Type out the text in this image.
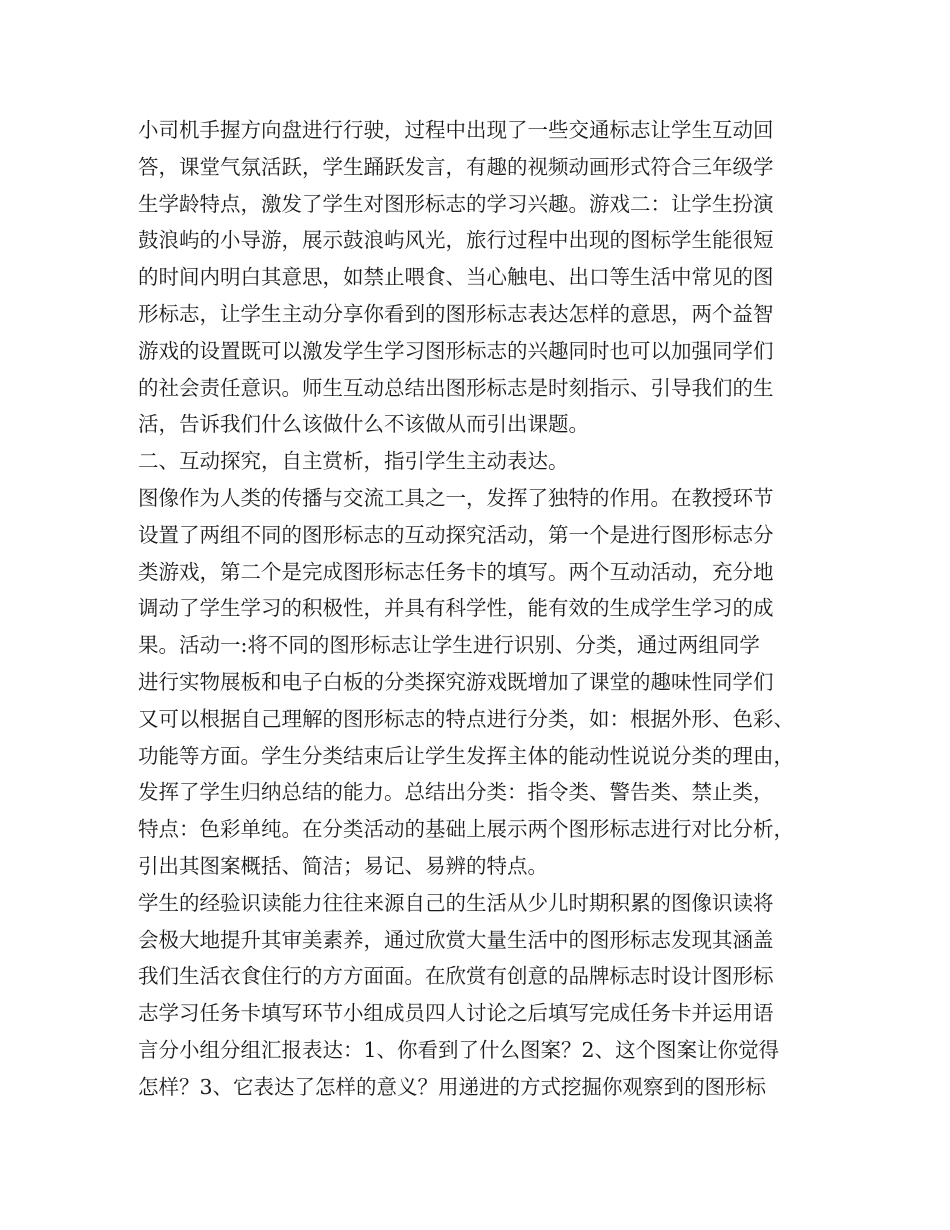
小司机手握方向盘进行行驶，过程中出现了一些交通标志让学生互动回
答，课堂气氛活跃，学生踊跃发言，有趣的视频动画形式符合三年级学
生学龄特点，激发了学生对图形标志的学习兴趣。游戏二：让学生扮演
鼓浪屿的小导游，展示鼓浪屿风光，旅行过程中出现的图标学生能很短
的时间内明白其意思，如禁止喂食、当心触电、出口等生活中常见的图
形标志，让学生主动分享你看到的图形标志表达怎样的意思，两个益智
游戏的设置既可以激发学生学习图形标志的兴趣同时也可以加强同学们
的社会责任意识。师生互动总结出图形标志是时刻指示、引导我们的生
活，告诉我们什么该做什么不该做从而引出课题。
二、互动探究，自主赏析，指引学生主动表达。
图像作为人类的传播与交流工具之一，发挥了独特的作用。在教授环节
设置了两组不同的图形标志的互动探究活动，第一个是进行图形标志分
类游戏，第二个是完成图形标志任务卡的填写。两个互动活动，充分地
调动了学生学习的积极性，并具有科学性，能有效的生成学生学习的成
果。活动一:将不同的图形标志让学生进行识别、分类，通过两组同学
进行实物展板和电子白板的分类探究游戏既增加了课堂的趣味性同学们
又可以根据自己理解的图形标志的特点进行分类，如：根据外形、色彩、
功能等方面。学生分类结束后让学生发挥主体的能动性说说分类的理由，
发挥了学生归纳总结的能力。总结出分类：指令类、警告类、禁止类，
特点：色彩单纯。在分类活动的基础上展示两个图形标志进行对比分析，
引出其图案概括、简洁；易记、易辨的特点。
学生的经验识读能力往往来源自己的生活从少儿时期积累的图像识读将
会极大地提升其审美素养，通过欣赏大量生活中的图形标志发现其涵盖
我们生活衣食住行的方方面面。在欣赏有创意的品牌标志时设计图形标
志学习任务卡填写环节小组成员四人讨论之后填写完成任务卡并运用语
言分小组分组汇报表达：1、你看到了什么图案？2、这个图案让你觉得
怎样？3、它表达了怎样的意义？用递进的方式挖掘你观察到的图形标
